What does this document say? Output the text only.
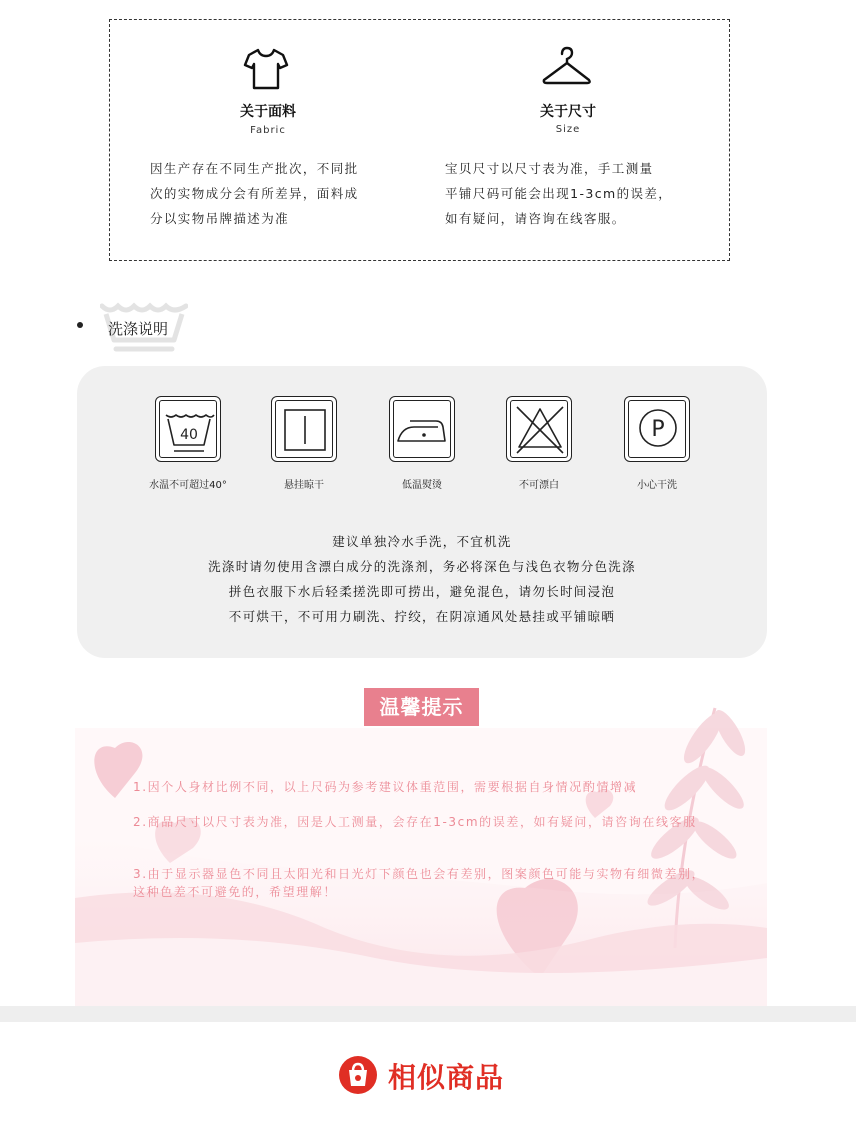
关于面料
Fabric
因生产存在不同生产批次，不同批
次的实物成分会有所差异，面料成
分以实物吊牌描述为准
关于尺寸
Size
宝贝尺寸以尺寸表为准，手工测量
平铺尺码可能会出现1-3cm的误差，
如有疑问，请咨询在线客服。
洗涤说明
40
水温不可超过40°	悬挂晾干	低温熨烫	不可漂白
P
小心干洗
建议单独冷水手洗，不宜机洗
洗涤时请勿使用含漂白成分的洗涤剂，务必将深色与浅色衣物分色洗涤
拼色衣服下水后轻柔搓洗即可捞出，避免混色，请勿长时间浸泡
不可烘干，不可用力刷洗、拧绞，在阴凉通风处悬挂或平铺晾晒
温馨提示
1.因个人身材比例不同，以上尺码为参考建议体重范围，需要根据自身情况酌情增减
2.商品尺寸以尺寸表为准，因是人工测量，会存在1-3cm的误差，如有疑问，请咨询在线客服
3.由于显示器显色不同且太阳光和日光灯下颜色也会有差别，图案颜色可能与实物有细微差别，这种色差不可避免的，希望理解！
相似商品
